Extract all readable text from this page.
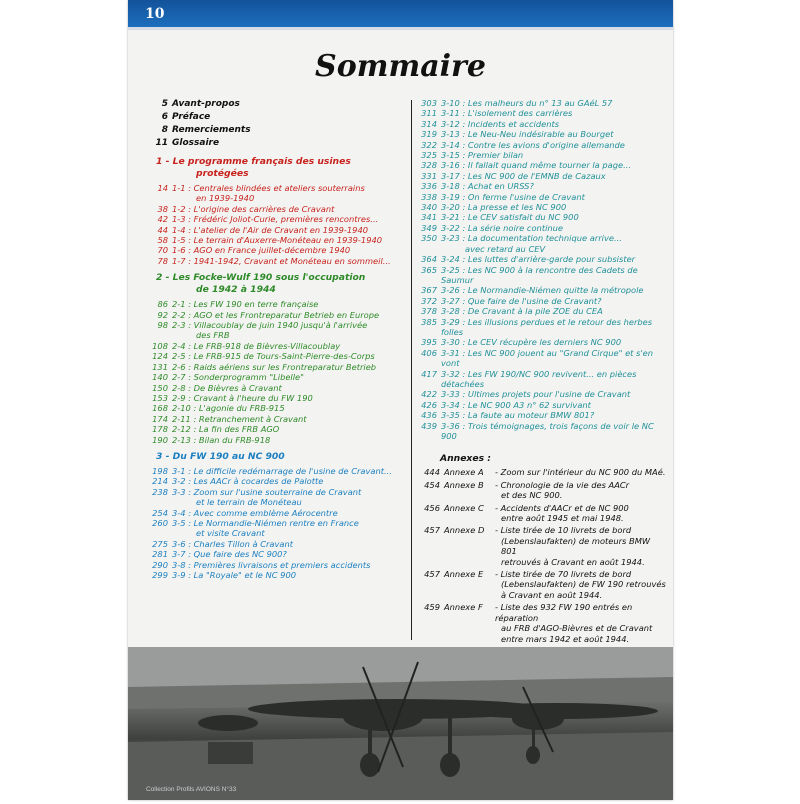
10
Sommaire
5 Avant-propos
6 Préface
8 Remerciements
11 Glossaire
1 - Le programme français des usines
protégées
14 1-1 : Centrales blindées et ateliers souterrains
en 1939-1940
38 1-2 : L'origine des carrières de Cravant
42 1-3 : Frédéric Joliot-Curie, premières rencontres...
44 1-4 : L'atelier de l'Air de Cravant en 1939-1940
58 1-5 : Le terrain d'Auxerre-Monéteau en 1939-1940
70 1-6 : AGO en France juillet-décembre 1940
78 1-7 : 1941-1942, Cravant et Monéteau en sommeil...
2 - Les Focke-Wulf 190 sous l'occupation
de 1942 à 1944
86 2-1 : Les FW 190 en terre française
92 2-2 : AGO et les Frontreparatur Betrieb en Europe
98 2-3 : Villacoublay de juin 1940 jusqu'à l'arrivée
des FRB
108 2-4 : Le FRB-918 de Bièvres-Villacoublay
124 2-5 : Le FRB-915 de Tours-Saint-Pierre-des-Corps
131 2-6 : Raids aériens sur les Frontreparatur Betrieb
140 2-7 : Sonderprogramm "Libelle"
150 2-8 : De Bièvres à Cravant
153 2-9 : Cravant à l'heure du FW 190
168 2-10 : L'agonie du FRB-915
174 2-11 : Retranchement à Cravant
178 2-12 : La fin des FRB AGO
190 2-13 : Bilan du FRB-918
3 - Du FW 190 au NC 900
198 3-1 : Le difficile redémarrage de l'usine de Cravant...
214 3-2 : Les AACr à cocardes de Palotte
238 3-3 : Zoom sur l'usine souterraine de Cravant
et le terrain de Monéteau
254 3-4 : Avec comme emblème Aérocentre
260 3-5 : Le Normandie-Niémen rentre en France
et visite Cravant
275 3-6 : Charles Tillon à Cravant
281 3-7 : Que faire des NC 900?
290 3-8 : Premières livraisons et premiers accidents
299 3-9 : La "Royale" et le NC 900
303 3-10 : Les malheurs du n° 13 au GAéL 57
311 3-11 : L'isolement des carrières
314 3-12 : Incidents et accidents
319 3-13 : Le Neu-Neu indésirable au Bourget
322 3-14 : Contre les avions d'origine allemande
325 3-15 : Premier bilan
328 3-16 : Il fallait quand même tourner la page...
331 3-17 : Les NC 900 de l'EMNB de Cazaux
336 3-18 : Achat en URSS?
338 3-19 : On ferme l'usine de Cravant
340 3-20 : La presse et les NC 900
341 3-21 : Le CEV satisfait du NC 900
349 3-22 : La série noire continue
350 3-23 : La documentation technique arrive...
avec retard au CEV
364 3-24 : Les luttes d'arrière-garde pour subsister
365 3-25 : Les NC 900 à la rencontre des Cadets de Saumur
367 3-26 : Le Normandie-Niémen quitte la métropole
372 3-27 : Que faire de l'usine de Cravant?
378 3-28 : De Cravant à la pile ZOE du CEA
385 3-29 : Les illusions perdues et le retour des herbes folles
395 3-30 : Le CEV récupère les derniers NC 900
406 3-31 : Les NC 900 jouent au "Grand Cirque" et s'en vont
417 3-32 : Les FW 190/NC 900 revivent... en pièces détachées
422 3-33 : Ultimes projets pour l'usine de Cravant
426 3-34 : Le NC 900 A3 n° 62 survivant
436 3-35 : La faute au moteur BMW 801?
439 3-36 : Trois témoignages, trois façons de voir le NC 900
Annexes :
444 Annexe A	- Zoom sur l'intérieur du NC 900 du MAé.
454 Annexe B	- Chronologie de la vie des AACr
et des NC 900.
456 Annexe C	- Accidents d'AACr et de NC 900
entre août 1945 et mai 1948.
457 Annexe D	- Liste tirée de 10 livrets de bord
(Lebenslaufakten) de moteurs BMW 801
retrouvés à Cravant en août 1944.
457 Annexe E	- Liste tirée de 70 livrets de bord
(Lebenslaufakten) de FW 190 retrouvés
à Cravant en août 1944.
459 Annexe F	- Liste des 932 FW 190 entrés en réparation
au FRB d'AGO-Bièvres et de Cravant
entre mars 1942 et août 1944.
Collection Profils AVIONS N°33
